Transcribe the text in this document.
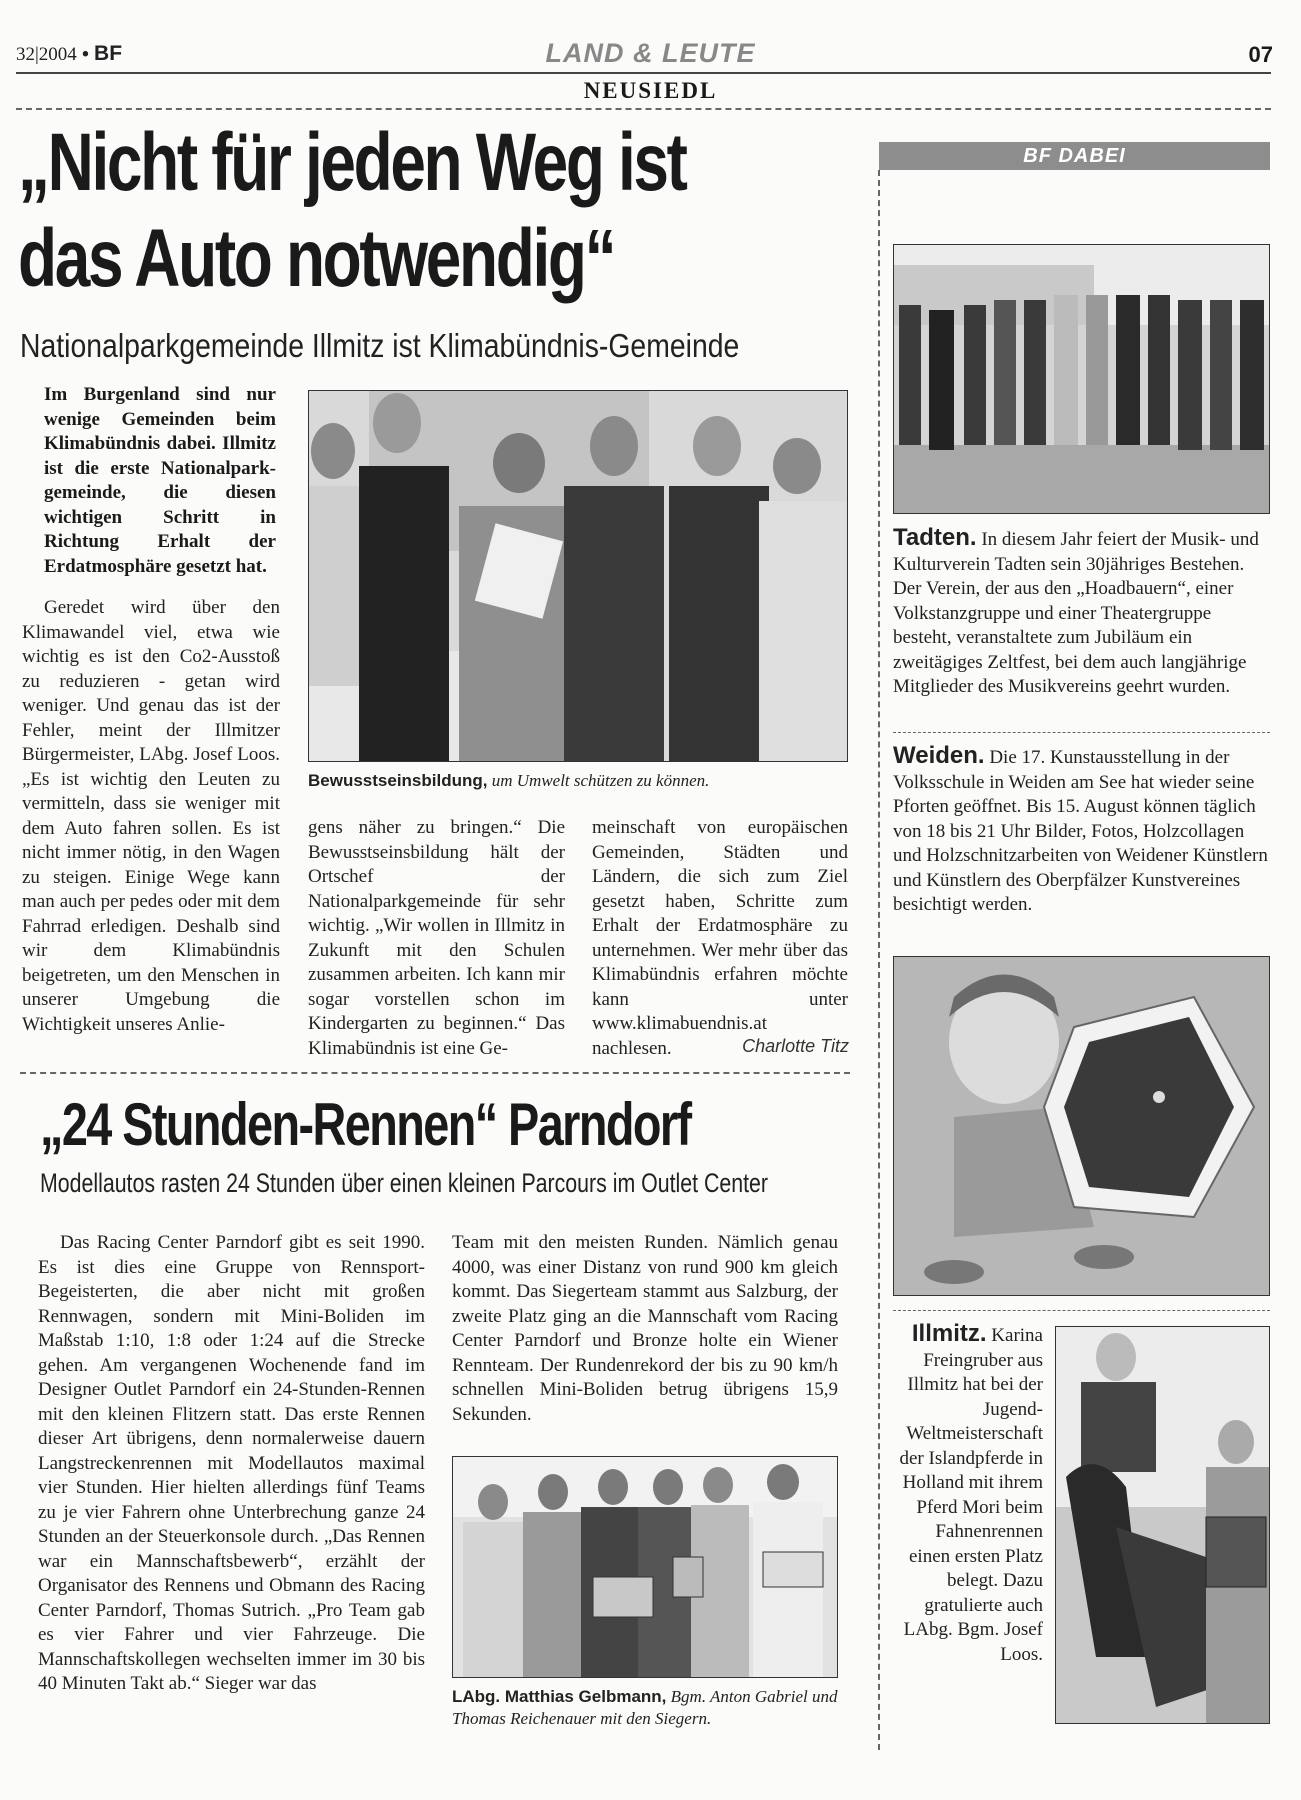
32|2004 • BF	LAND & LEUTE	07
NEUSIEDL
„Nicht für jeden Weg ist
das Auto notwendig“
Nationalparkgemeinde Illmitz ist Klimabündnis-Gemeinde
Im Burgenland sind nur wenige Gemeinden beim Klimabündnis dabei. Illmitz ist die erste Nationalpark-gemeinde, die diesen wichtigen Schritt in Richtung Erhalt der Erdatmosphäre gesetzt hat.
Geredet wird über den Klimawandel viel, etwa wie wichtig es ist den Co2-Ausstoß zu reduzieren - getan wird weniger. Und genau das ist der Fehler, meint der Illmitzer Bürgermeister, LAbg. Josef Loos. „Es ist wichtig den Leuten zu vermitteln, dass sie weniger mit dem Auto fahren sollen. Es ist nicht immer nötig, in den Wagen zu steigen. Einige Wege kann man auch per pedes oder mit dem Fahrrad erledigen. Deshalb sind wir dem Klimabündnis beigetreten, um den Menschen in unserer Umgebung die Wichtigkeit unseres Anlie-
Bewusstseinsbildung, um Umwelt schützen zu können.
gens näher zu bringen.“ Die Bewusstseinsbildung hält der Ortschef der Nationalparkgemeinde für sehr wichtig. „Wir wollen in Illmitz in Zukunft mit den Schulen zusammen arbeiten. Ich kann mir sogar vorstellen schon im Kindergarten zu beginnen.“ Das Klimabündnis ist eine Ge-
meinschaft von europäischen Gemeinden, Städten und Ländern, die sich zum Ziel gesetzt haben, Schritte zum Erhalt der Erdatmosphäre zu unternehmen. Wer mehr über das Klimabündnis erfahren möchte kann unter www.klimabuendnis.at nachlesen.	Charlotte Titz
„24 Stunden-Rennen“ Parndorf
Modellautos rasten 24 Stunden über einen kleinen Parcours im Outlet Center
Das Racing Center Parndorf gibt es seit 1990. Es ist dies eine Gruppe von Rennsport-Begeisterten, die aber nicht mit großen Rennwagen, sondern mit Mini-Boliden im Maßstab 1:10, 1:8 oder 1:24 auf die Strecke gehen. Am vergangenen Wochenende fand im Designer Outlet Parndorf ein 24-Stunden-Rennen mit den kleinen Flitzern statt. Das erste Rennen dieser Art übrigens, denn normalerweise dauern Langstreckenrennen mit Modellautos maximal vier Stunden. Hier hielten allerdings fünf Teams zu je vier Fahrern ohne Unterbrechung ganze 24 Stunden an der Steuerkonsole durch. „Das Rennen war ein Mannschaftsbewerb“, erzählt der Organisator des Rennens und Obmann des Racing Center Parndorf, Thomas Sutrich. „Pro Team gab es vier Fahrer und vier Fahrzeuge. Die Mannschaftskollegen wechselten immer im 30 bis 40 Minuten Takt ab.“ Sieger war das
Team mit den meisten Runden. Nämlich genau 4000, was einer Distanz von rund 900 km gleich kommt. Das Siegerteam stammt aus Salzburg, der zweite Platz ging an die Mannschaft vom Racing Center Parndorf und Bronze holte ein Wiener Rennteam. Der Rundenrekord der bis zu 90 km/h schnellen Mini-Boliden betrug übrigens 15,9 Sekunden.
LAbg. Matthias Gelbmann, Bgm. Anton Gabriel und Thomas Reichenauer mit den Siegern.
BF DABEI
Tadten. In diesem Jahr feiert der Musik- und Kulturverein Tadten sein 30jähriges Bestehen. Der Verein, der aus den „Hoadbauern“, einer Volkstanzgruppe und einer Theatergruppe besteht, veranstaltete zum Jubiläum ein zweitägiges Zeltfest, bei dem auch langjährige Mitglieder des Musikvereins geehrt wurden.
Weiden. Die 17. Kunstausstellung in der Volksschule in Weiden am See hat wieder seine Pforten geöffnet. Bis 15. August können täglich von 18 bis 21 Uhr Bilder, Fotos, Holzcollagen und Holzschnitzarbeiten von Weidener Künstlern und Künstlern des Oberpfälzer Kunstvereines besichtigt werden.
Illmitz. Karina Freingruber aus Illmitz hat bei der Jugend-Weltmeisterschaft der Islandpferde in Holland mit ihrem Pferd Mori beim Fahnenrennen einen ersten Platz belegt. Dazu gratulierte auch LAbg. Bgm. Josef Loos.
